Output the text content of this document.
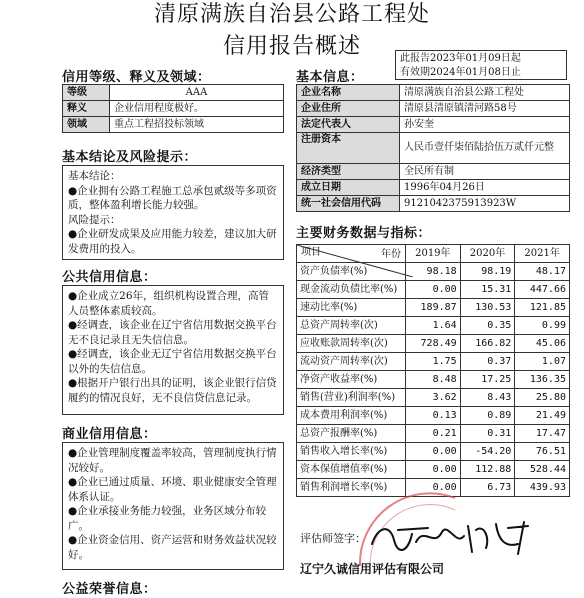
清原满族自治县公路工程处
信用报告概述	此报告2023年01月09日起
有效期2024年01月08日止
信用等级、释义及领域：
等级	AAA
释义	企业信用程度极好。
领域	重点工程招投标领域
基本信息：
企业名称	清原满族自治县公路工程处
企业住所	清原县清原镇清河路58号
法定代表人	孙安奎
注册资本	人民币壹仟柒佰陆拾伍万贰仟元整
经济类型	全民所有制
成立日期	1996年04月26日
统一社会信用代码	9121042375913923W
基本结论及风险提示：

基本结论：

●企业拥有公路工程施工总承包贰级等多项资质，整体盈利增长能力较强。

风险提示：

●企业研发成果及应用能力较差，建议加大研发费用的投入。

公共信用信息：

●企业成立26年，组织机构设置合理，高管人员整体素质较高。

●经调查，该企业在辽宁省信用数据交换平台无不良记录且无失信信息。

●经调查，该企业无辽宁省信用数据交换平台以外的失信信息。

●根据开户银行出具的证明，该企业银行信贷履约的情况良好，无不良信贷信息记录。

商业信用信息：

●企业管理制度覆盖率较高，管理制度执行情况较好。

●企业已通过质量、环境、职业健康安全管理体系认证。

●企业承接业务能力较强，业务区域分布较广。

●企业资金信用、资产运营和财务效益状况较好。

公益荣誉信息：
主要财务数据与指标：
年份
项目	2019年	2020年	2021年
资产负债率(%)	98.18	98.19	48.17
现金流动负债比率(%)	0.00	15.31	447.66
速动比率(%)	189.87	130.53	121.85
总资产周转率(次)	1.64	0.35	0.99
应收账款周转率(次)	728.49	166.82	45.06
流动资产周转率(次)	1.75	0.37	1.07
净资产收益率(%)	8.48	17.25	136.35
销售(营业)利润率(%)	3.62	8.43	25.80
成本费用利润率(%)	0.13	0.89	21.49
总资产报酬率(%)	0.21	0.31	17.47
销售收入增长率(%)	0.00	-54.20	76.51
资本保值增值率(%)	0.00	112.88	528.44
销售利润增长率(%)	0.00	6.73	439.93
评估师签字：
辽宁久诚信用评估有限公司
